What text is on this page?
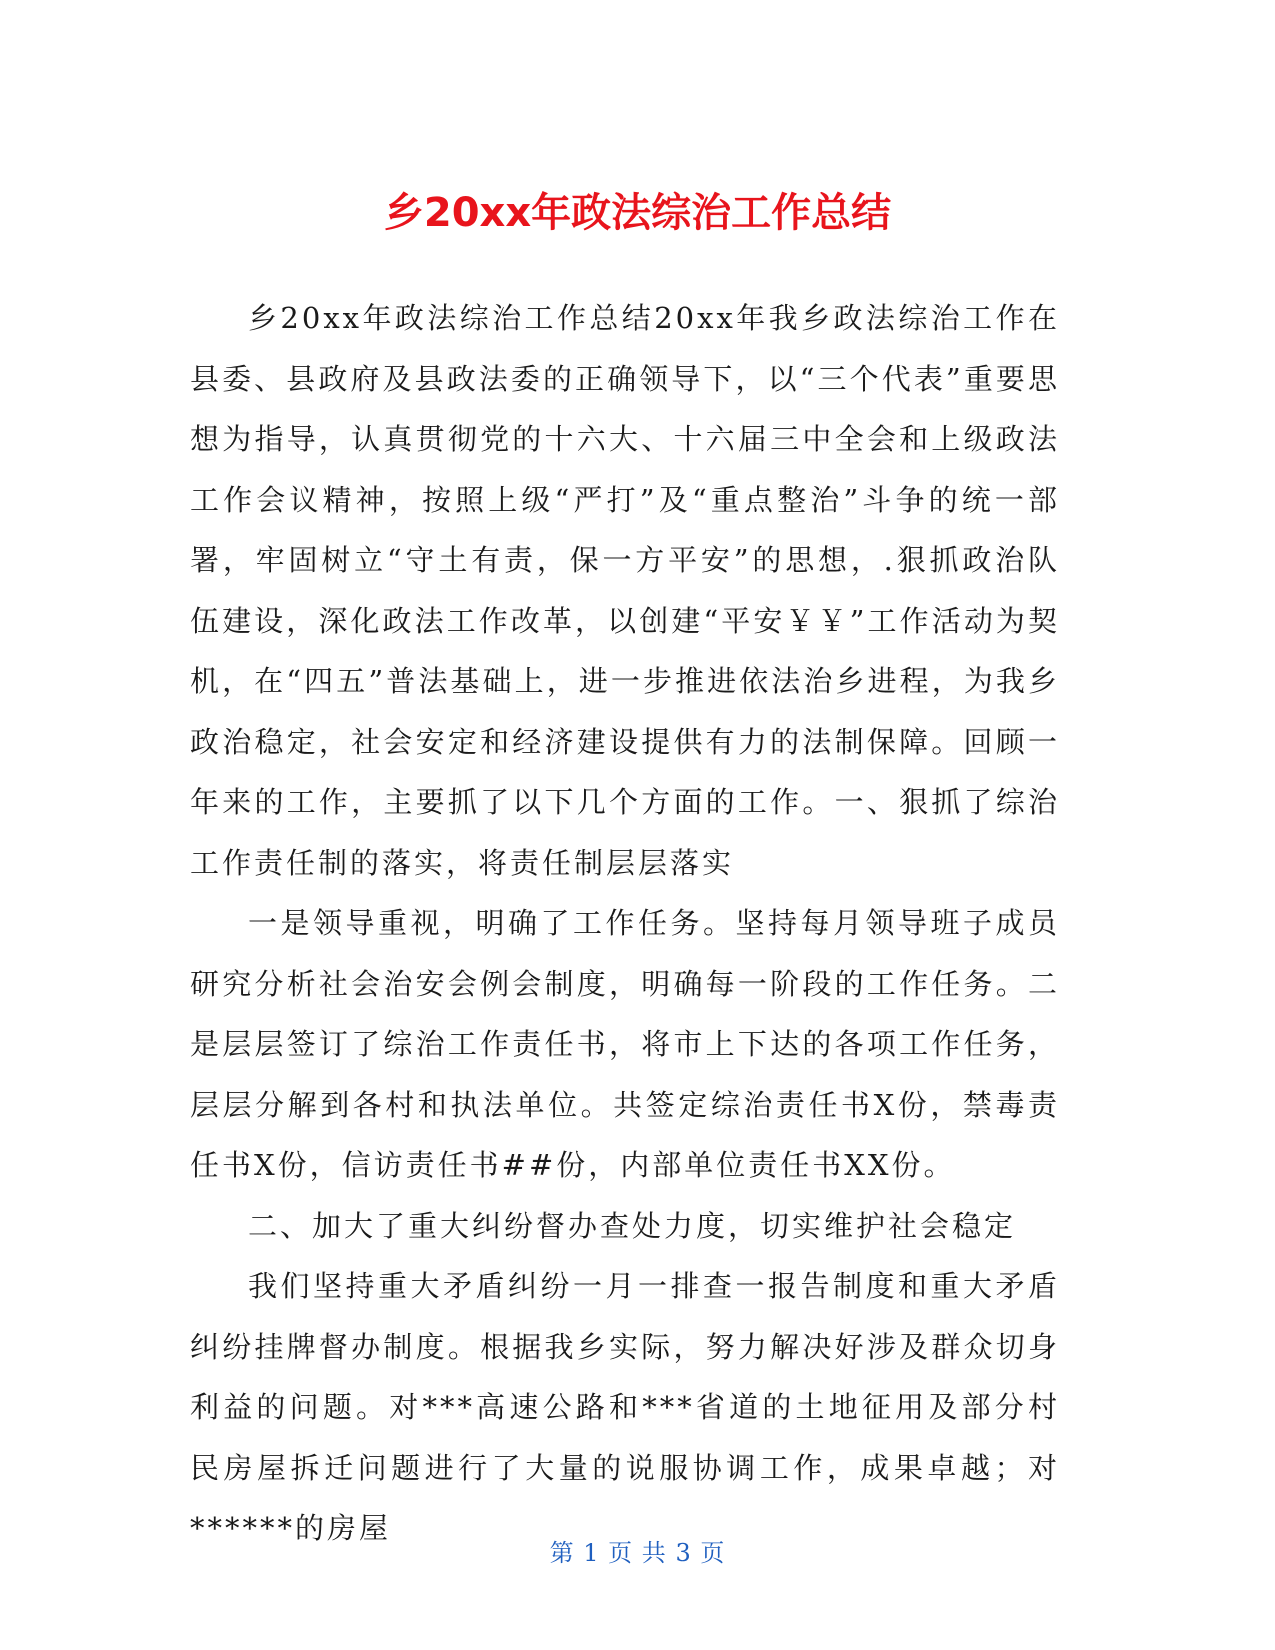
乡20xx年政法综治工作总结

乡20xx年政法综治工作总结20xx年我乡政法综治工作在县委、县政府及县政法委的正确领导下，以“三个代表”重要思想为指导，认真贯彻党的十六大、十六届三中全会和上级政法工作会议精神，按照上级“严打”及“重点整治”斗争的统一部署，牢固树立“守土有责，保一方平安”的思想，.狠抓政治队伍建设，深化政法工作改革，以创建“平安￥￥”工作活动为契机，在“四五”普法基础上，进一步推进依法治乡进程，为我乡政治稳定，社会安定和经济建设提供有力的法制保障。回顾一年来的工作，主要抓了以下几个方面的工作。一、狠抓了综治工作责任制的落实，将责任制层层落实

一是领导重视，明确了工作任务。坚持每月领导班子成员研究分析社会治安会例会制度，明确每一阶段的工作任务。二是层层签订了综治工作责任书，将市上下达的各项工作任务，层层分解到各村和执法单位。共签定综治责任书X份，禁毒责任书X份，信访责任书##份，内部单位责任书XX份。

二、加大了重大纠纷督办查处力度，切实维护社会稳定

我们坚持重大矛盾纠纷一月一排查一报告制度和重大矛盾纠纷挂牌督办制度。根据我乡实际，努力解决好涉及群众切身利益的问题。对***高速公路和***省道的土地征用及部分村民房屋拆迁问题进行了大量的说服协调工作，成果卓越；对******的房屋

第 1 页 共 3 页
